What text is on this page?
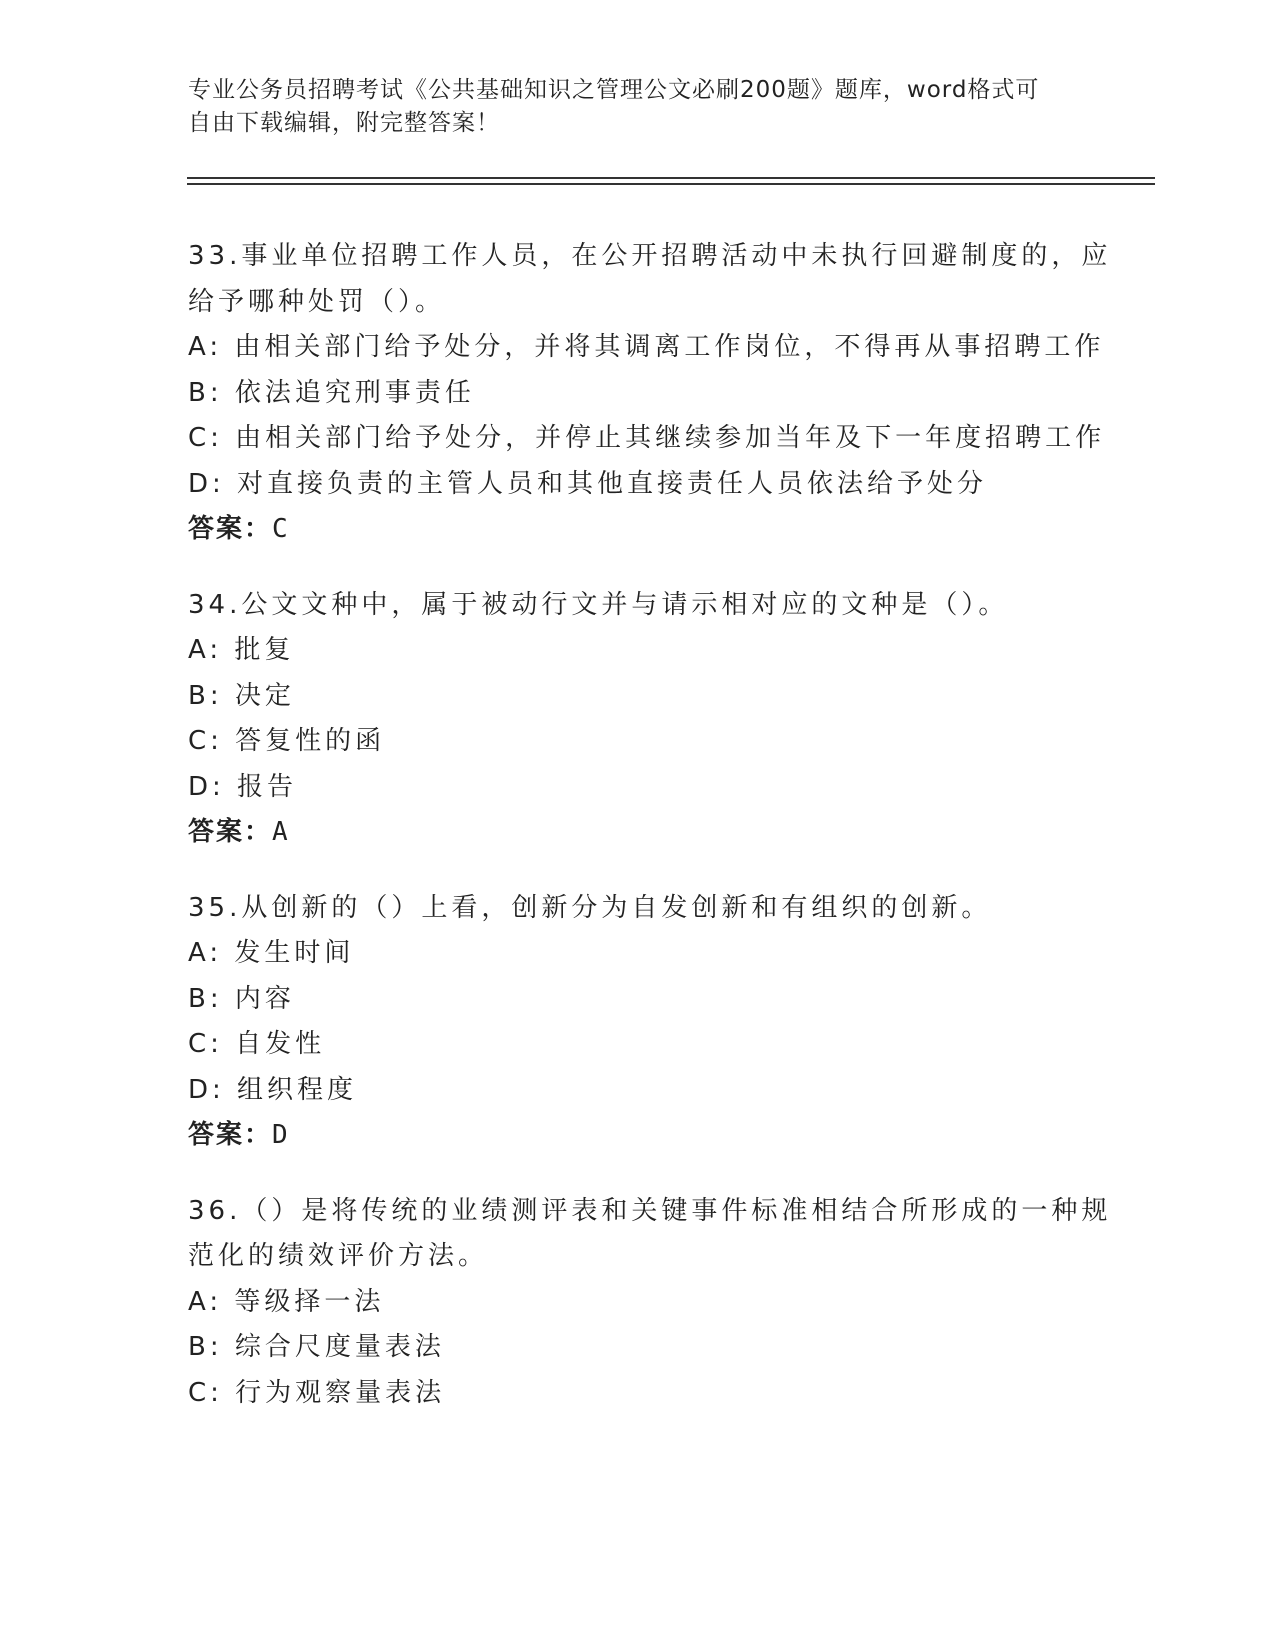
专业公务员招聘考试《公共基础知识之管理公文必刷200题》题库，word格式可
自由下载编辑，附完整答案！
33.事业单位招聘工作人员，在公开招聘活动中未执行回避制度的，应
给予哪种处罚（）。
A: 由相关部门给予处分，并将其调离工作岗位，不得再从事招聘工作
B: 依法追究刑事责任
C: 由相关部门给予处分，并停止其继续参加当年及下一年度招聘工作
D: 对直接负责的主管人员和其他直接责任人员依法给予处分
答案：C
34.公文文种中，属于被动行文并与请示相对应的文种是（）。
A: 批复
B: 决定
C: 答复性的函
D: 报告
答案：A
35.从创新的（）上看，创新分为自发创新和有组织的创新。
A: 发生时间
B: 内容
C: 自发性
D: 组织程度
答案：D
36.（）是将传统的业绩测评表和关键事件标准相结合所形成的一种规
范化的绩效评价方法。
A: 等级择一法
B: 综合尺度量表法
C: 行为观察量表法
